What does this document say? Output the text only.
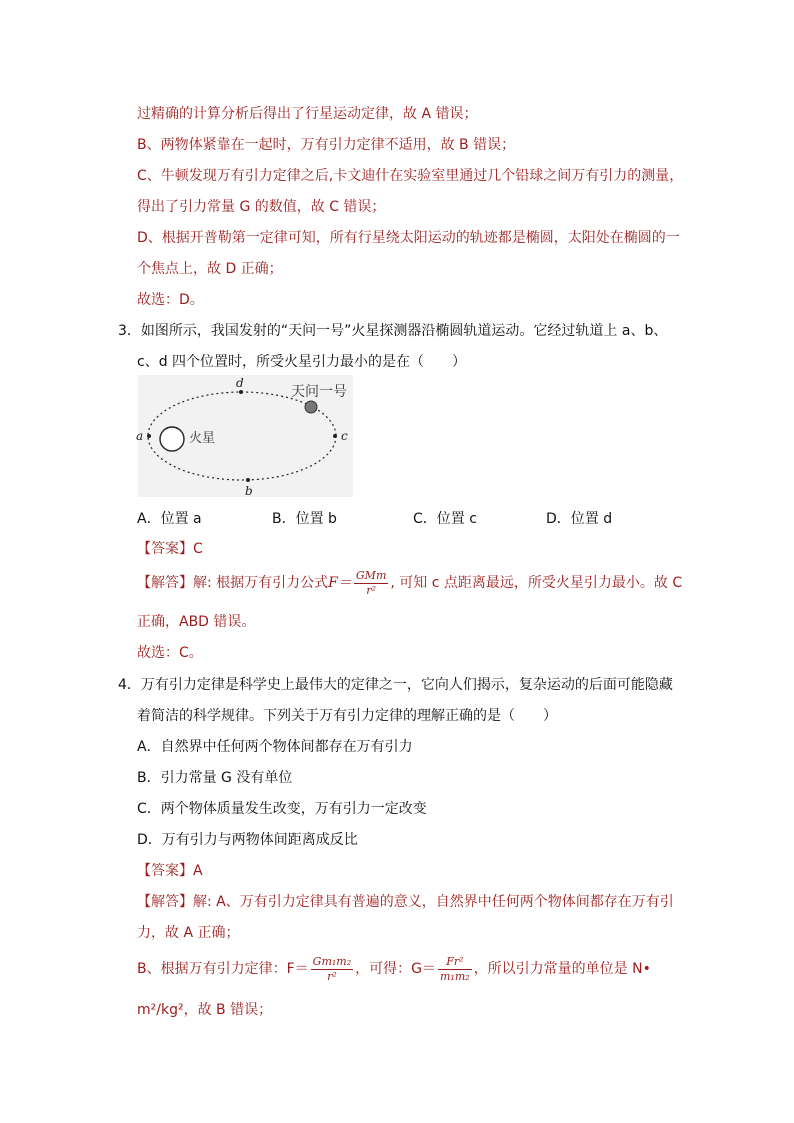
过精确的计算分析后得出了行星运动定律，故 A 错误；
B、两物体紧靠在一起时，万有引力定律不适用，故 B 错误；
C、牛顿发现万有引力定律之后,卡文迪什在实验室里通过几个铅球之间万有引力的测量，
得出了引力常量 G 的数值，故 C 错误；
D、根据开普勒第一定律可知，所有行星绕太阳运动的轨迹都是椭圆，太阳处在椭圆的一
个焦点上，故 D 正确；
故选：D。
3．如图所示，我国发射的“天问一号”火星探测器沿椭圆轨道运动。它经过轨道上 a、b、
c、d 四个位置时，所受火星引力最小的是在（　　）
天问一号
火星
d
a	c
b
A．位置 a	B．位置 b	C．位置 c	D．位置 d
【答案】C
【解答】解: 根据万有引力公式$F= \frac{\text{GMm}}{\text{r²}}$ , 可知 c 点距离最远，所受火星引力最小。故 C
正确，ABD 错误。
故选：C。
4．万有引力定律是科学史上最伟大的定律之一，它向人们揭示，复杂运动的后面可能隐藏
着简洁的科学规律。下列关于万有引力定律的理解正确的是（　　）
A．自然界中任何两个物体间都存在万有引力
B．引力常量 G 没有单位
C．两个物体质量发生改变，万有引力一定改变
D．万有引力与两物体间距离成反比
【答案】A
【解答】解: A、万有引力定律具有普遍的意义，自然界中任何两个物体间都存在万有引
力，故 A 正确；
B、根据万有引力定律：$F= \frac{\text{Gm₁m₂}}{\text{r²}}$ ，可得：$G= \frac{\text{Fr²}}{\text{m₁m₂}}$ ，所以引力常量的单位是 N•
m²/kg²，故 B 错误；
